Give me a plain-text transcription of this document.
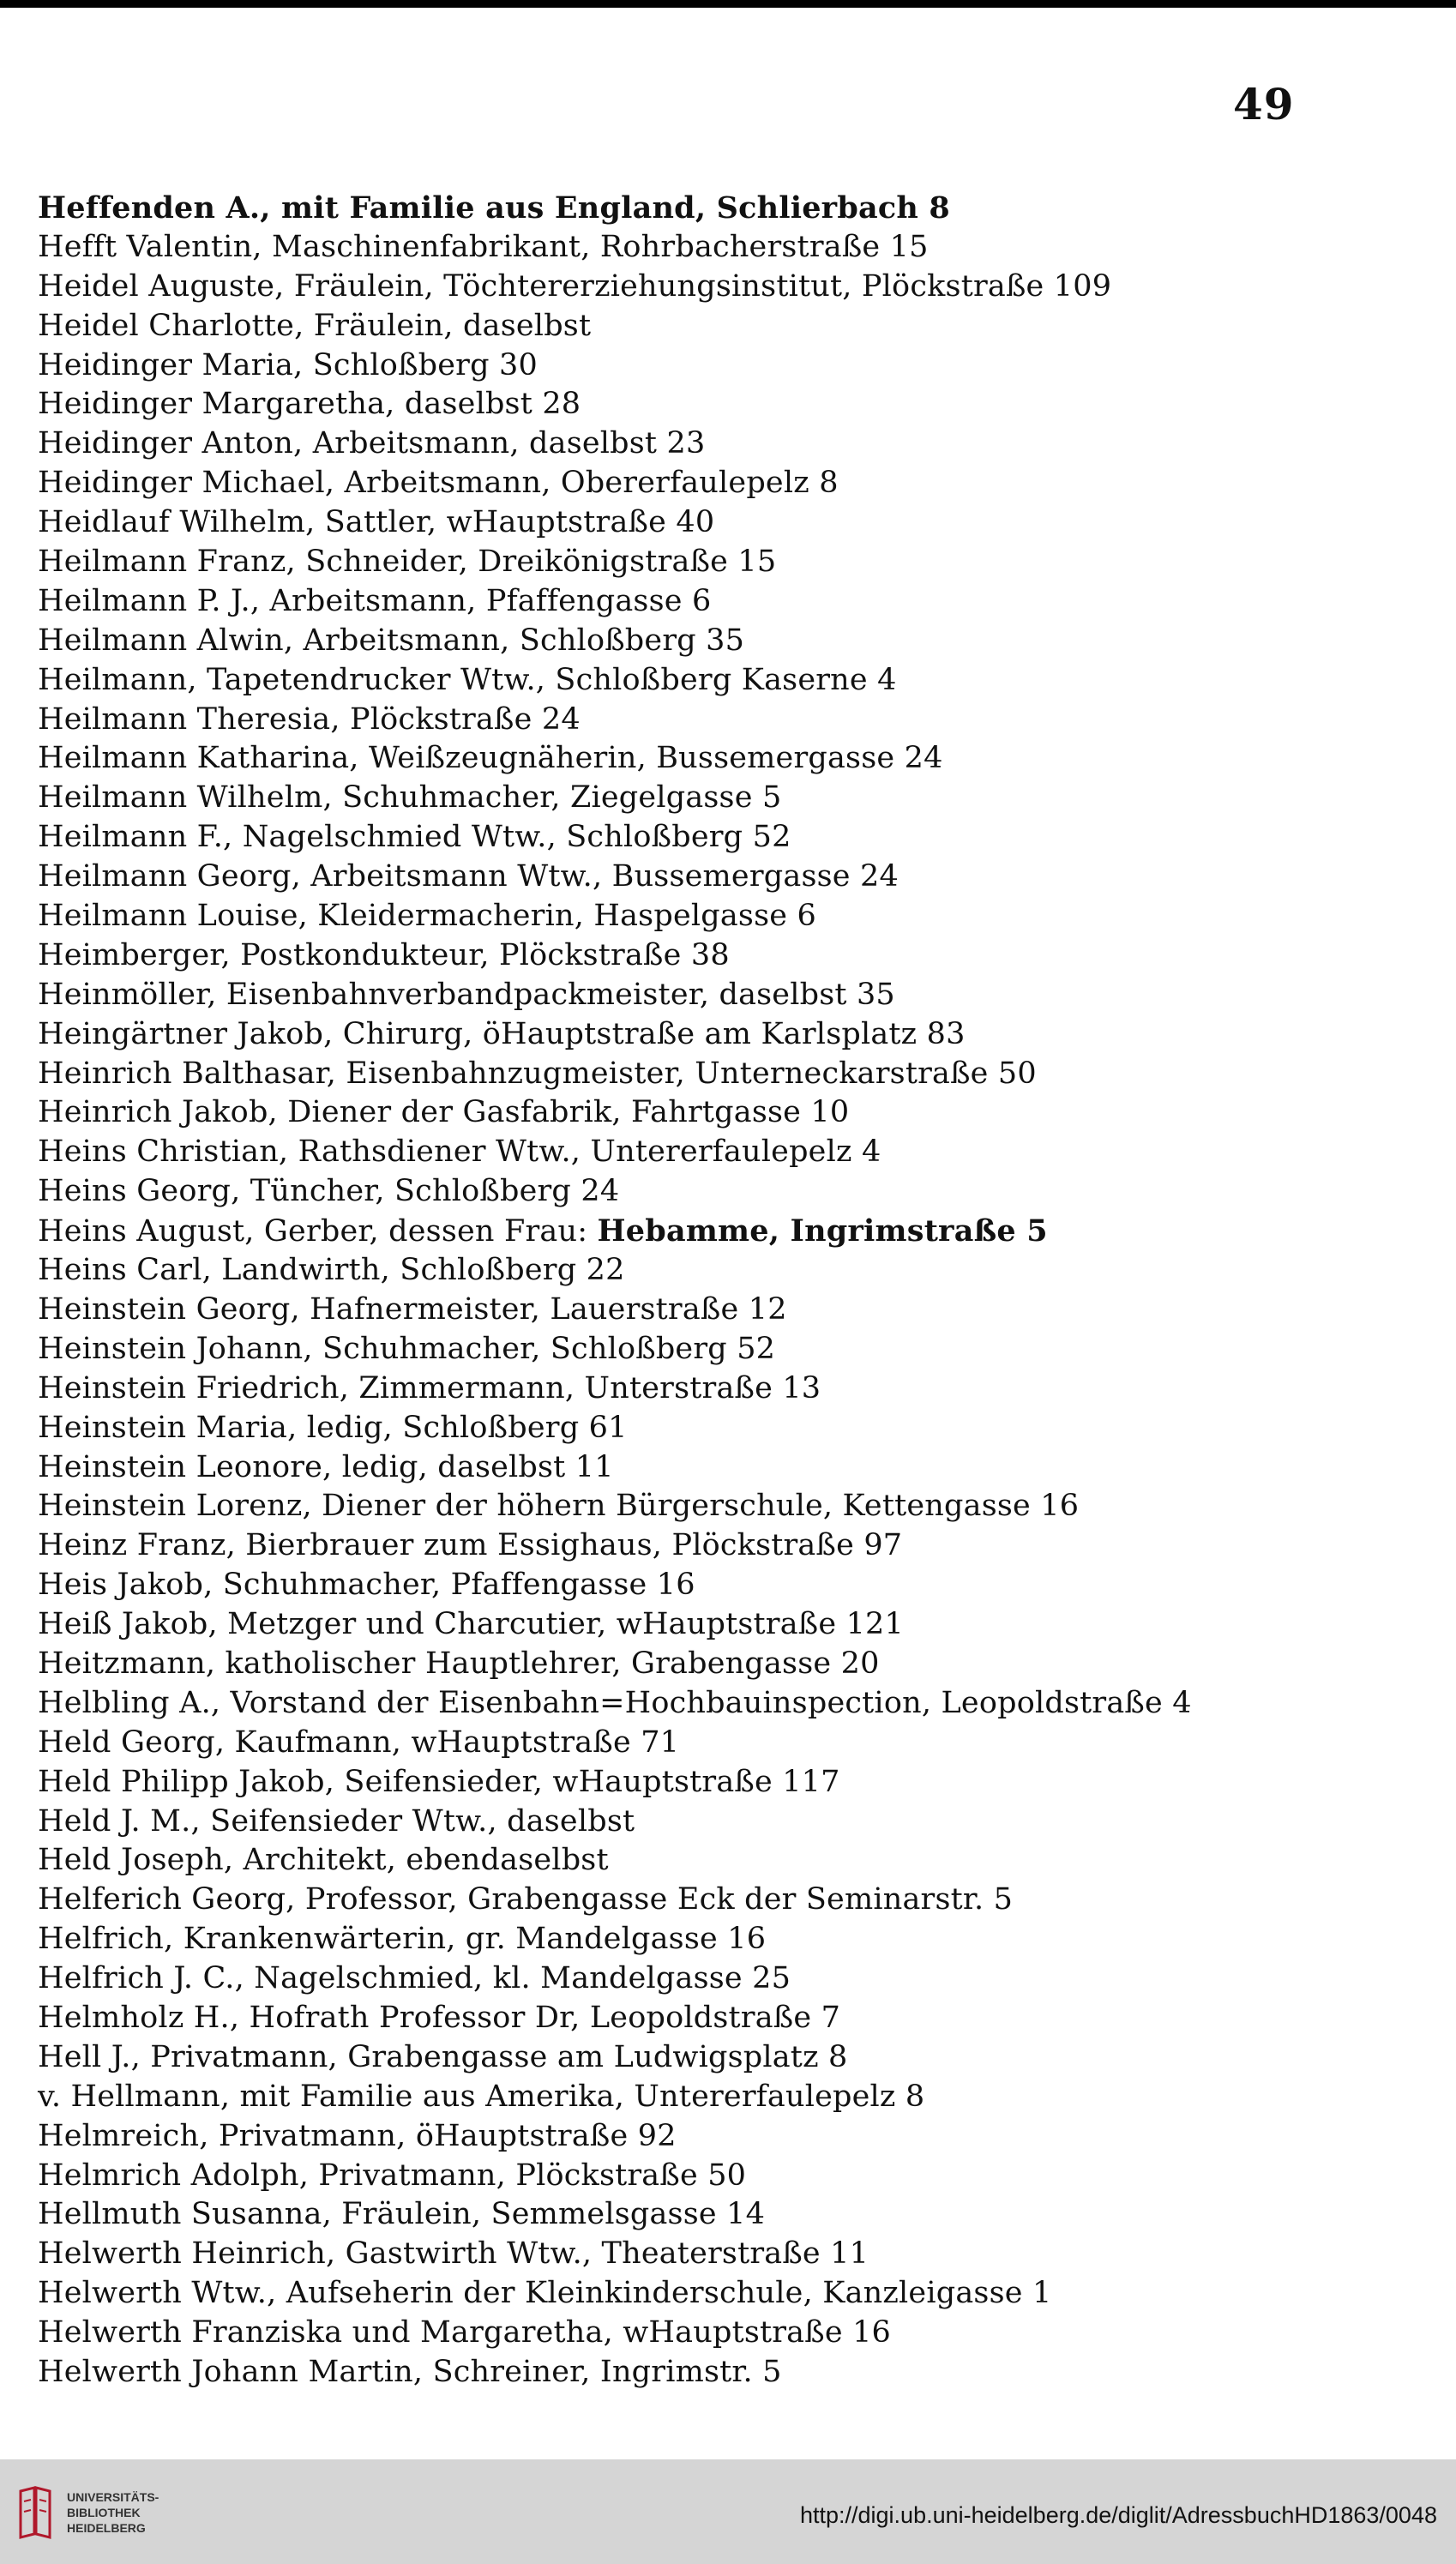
49
Heffenden A., mit Familie aus England, Schlierbach 8
Hefft Valentin, Maschinenfabrikant, Rohrbacherstraße 15
Heidel Auguste, Fräulein, Töchtererziehungsinstitut, Plöckstraße 109
Heidel Charlotte, Fräulein, daselbst
Heidinger Maria, Schloßberg 30
Heidinger Margaretha, daselbst 28
Heidinger Anton, Arbeitsmann, daselbst 23
Heidinger Michael, Arbeitsmann, Obererfaulepelz 8
Heidlauf Wilhelm, Sattler, wHauptstraße 40
Heilmann Franz, Schneider, Dreikönigstraße 15
Heilmann P. J., Arbeitsmann, Pfaffengasse 6
Heilmann Alwin, Arbeitsmann, Schloßberg 35
Heilmann, Tapetendrucker Wtw., Schloßberg Kaserne 4
Heilmann Theresia, Plöckstraße 24
Heilmann Katharina, Weißzeugnäherin, Bussemergasse 24
Heilmann Wilhelm, Schuhmacher, Ziegelgasse 5
Heilmann F., Nagelschmied Wtw., Schloßberg 52
Heilmann Georg, Arbeitsmann Wtw., Bussemergasse 24
Heilmann Louise, Kleidermacherin, Haspelgasse 6
Heimberger, Postkondukteur, Plöckstraße 38
Heinmöller, Eisenbahnverbandpackmeister, daselbst 35
Heingärtner Jakob, Chirurg, öHauptstraße am Karlsplatz 83
Heinrich Balthasar, Eisenbahnzugmeister, Unterneckarstraße 50
Heinrich Jakob, Diener der Gasfabrik, Fahrtgasse 10
Heins Christian, Rathsdiener Wtw., Untererfaulepelz 4
Heins Georg, Tüncher, Schloßberg 24
Heins August, Gerber, dessen Frau: Hebamme, Ingrimstraße 5
Heins Carl, Landwirth, Schloßberg 22
Heinstein Georg, Hafnermeister, Lauerstraße 12
Heinstein Johann, Schuhmacher, Schloßberg 52
Heinstein Friedrich, Zimmermann, Unterstraße 13
Heinstein Maria, ledig, Schloßberg 61
Heinstein Leonore, ledig, daselbst 11
Heinstein Lorenz, Diener der höhern Bürgerschule, Kettengasse 16
Heinz Franz, Bierbrauer zum Essighaus, Plöckstraße 97
Heis Jakob, Schuhmacher, Pfaffengasse 16
Heiß Jakob, Metzger und Charcutier, wHauptstraße 121
Heitzmann, katholischer Hauptlehrer, Grabengasse 20
Helbling A., Vorstand der Eisenbahn=Hochbauinspection, Leopoldstraße 4
Held Georg, Kaufmann, wHauptstraße 71
Held Philipp Jakob, Seifensieder, wHauptstraße 117
Held J. M., Seifensieder Wtw., daselbst
Held Joseph, Architekt, ebendaselbst
Helferich Georg, Professor, Grabengasse Eck der Seminarstr. 5
Helfrich, Krankenwärterin, gr. Mandelgasse 16
Helfrich J. C., Nagelschmied, kl. Mandelgasse 25
Helmholz H., Hofrath Professor Dr, Leopoldstraße 7
Hell J., Privatmann, Grabengasse am Ludwigsplatz 8
v. Hellmann, mit Familie aus Amerika, Untererfaulepelz 8
Helmreich, Privatmann, öHauptstraße 92
Helmrich Adolph, Privatmann, Plöckstraße 50
Hellmuth Susanna, Fräulein, Semmelsgasse 14
Helwerth Heinrich, Gastwirth Wtw., Theaterstraße 11
Helwerth Wtw., Aufseherin der Kleinkinderschule, Kanzleigasse 1
Helwerth Franziska und Margaretha, wHauptstraße 16
Helwerth Johann Martin, Schreiner, Ingrimstr. 5
UNIVERSITÄTS-
BIBLIOTHEK
HEIDELBERG	http://digi.ub.uni-heidelberg.de/diglit/AdressbuchHD1863/0048
